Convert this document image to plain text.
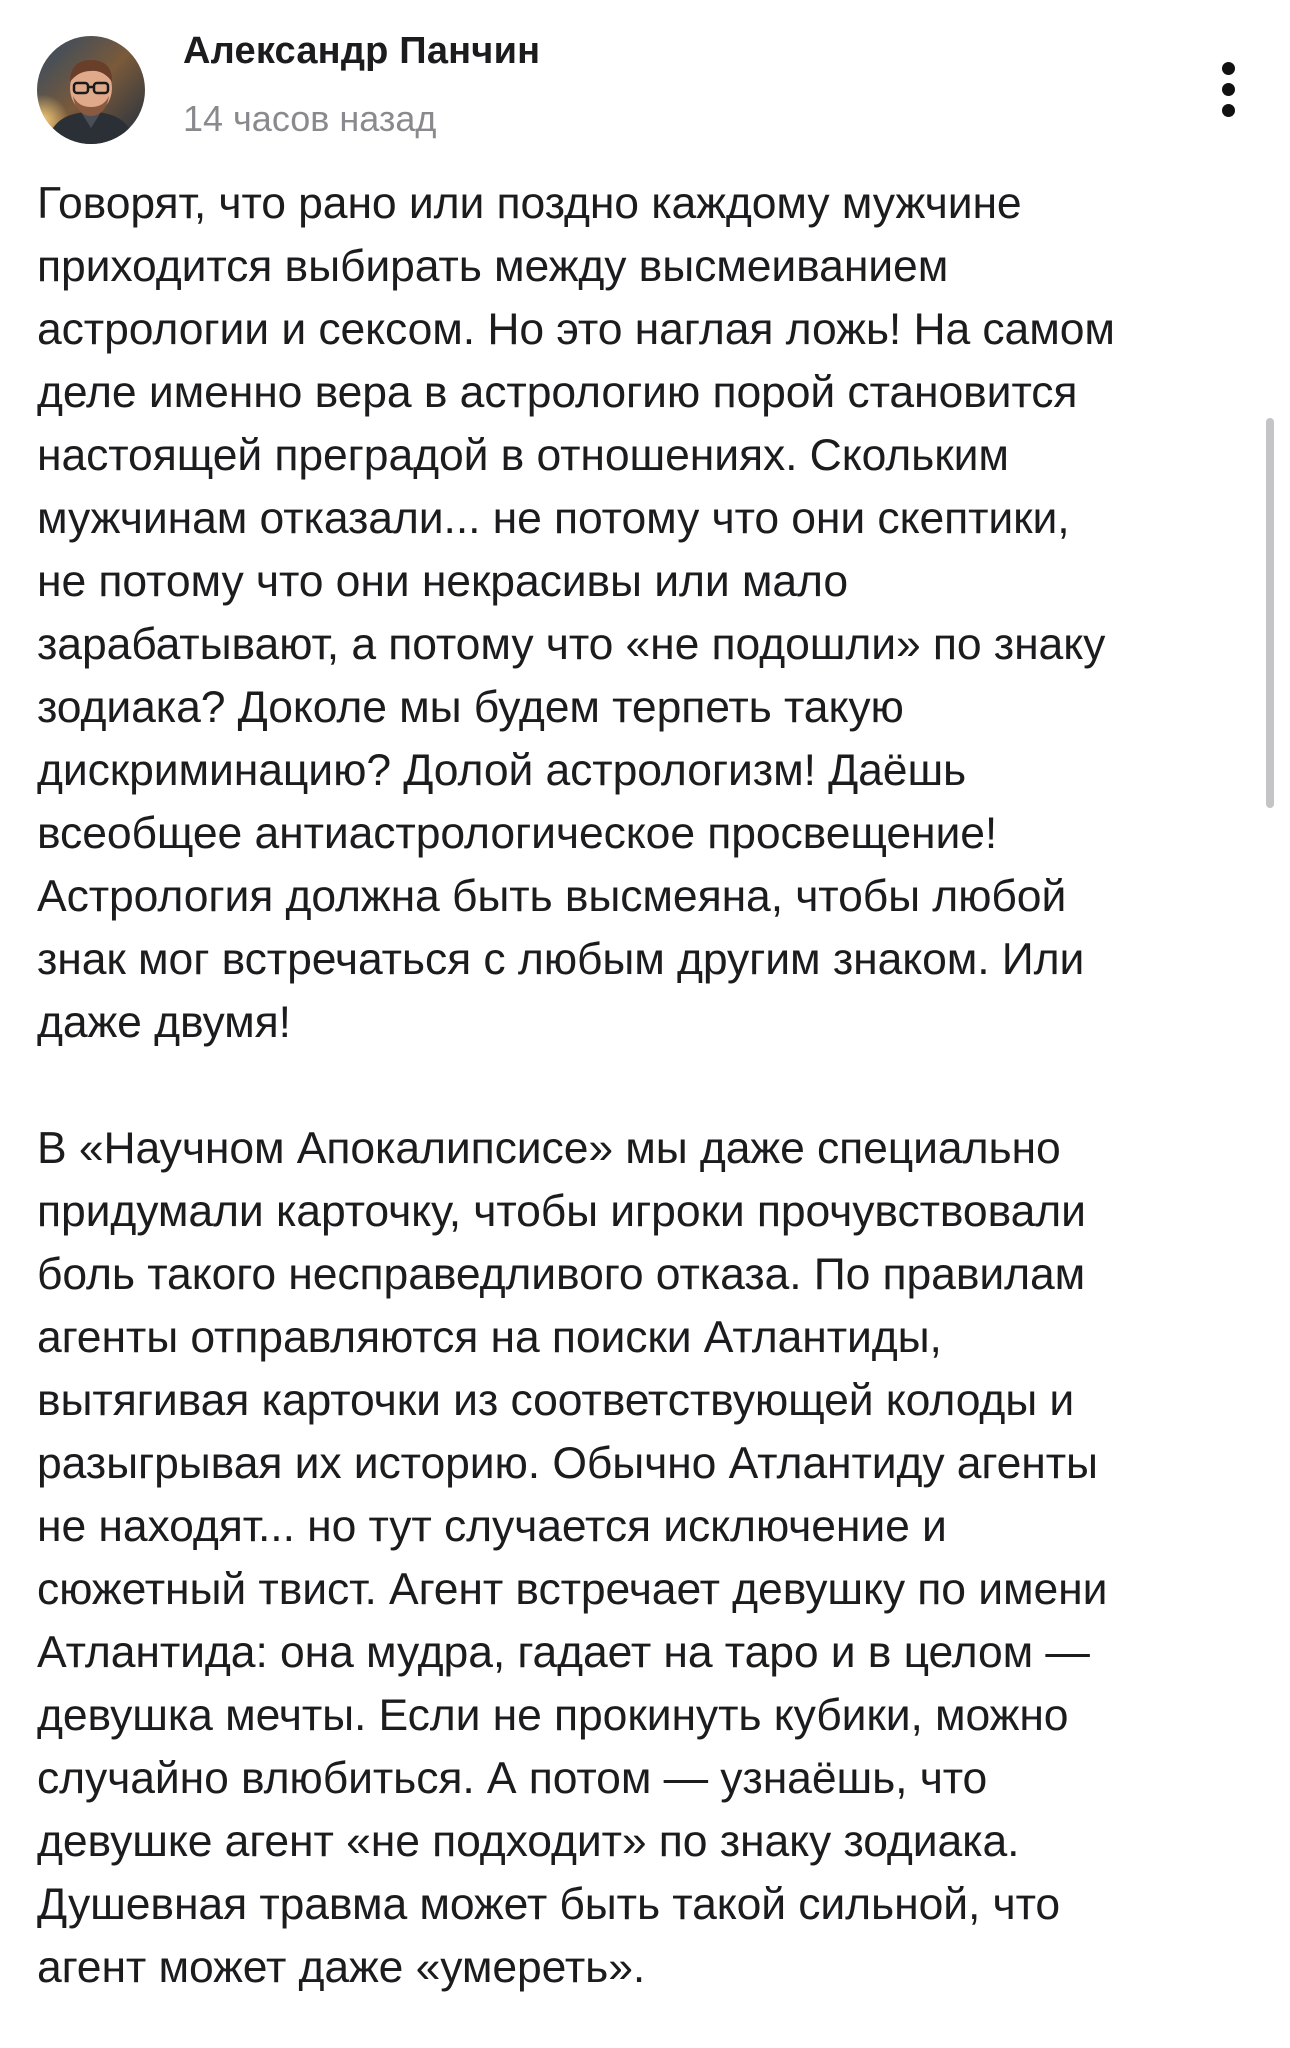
Александр Панчин
14 часов назад

Говорят, что рано или поздно каждому мужчине
приходится выбирать между высмеиванием
астрологии и сексом. Но это наглая ложь! На самом
деле именно вера в астрологию порой становится
настоящей преградой в отношениях. Скольким
мужчинам отказали... не потому что они скептики,
не потому что они некрасивы или мало
зарабатывают, а потому что «не подошли» по знаку
зодиака? Доколе мы будем терпеть такую
дискриминацию? Долой астрологизм! Даёшь
всеобщее антиастрологическое просвещение!
Астрология должна быть высмеяна, чтобы любой
знак мог встречаться с любым другим знаком. Или
даже двумя!

В «Научном Апокалипсисе» мы даже специально
придумали карточку, чтобы игроки прочувствовали
боль такого несправедливого отказа. По правилам
агенты отправляются на поиски Атлантиды,
вытягивая карточки из соответствующей колоды и
разыгрывая их историю. Обычно Атлантиду агенты
не находят... но тут случается исключение и
сюжетный твист. Агент встречает девушку по имени
Атлантида: она мудра, гадает на таро и в целом —
девушка мечты. Если не прокинуть кубики, можно
случайно влюбиться. А потом — узнаёшь, что
девушке агент «не подходит» по знаку зодиака.
Душевная травма может быть такой сильной, что
агент может даже «умереть».
